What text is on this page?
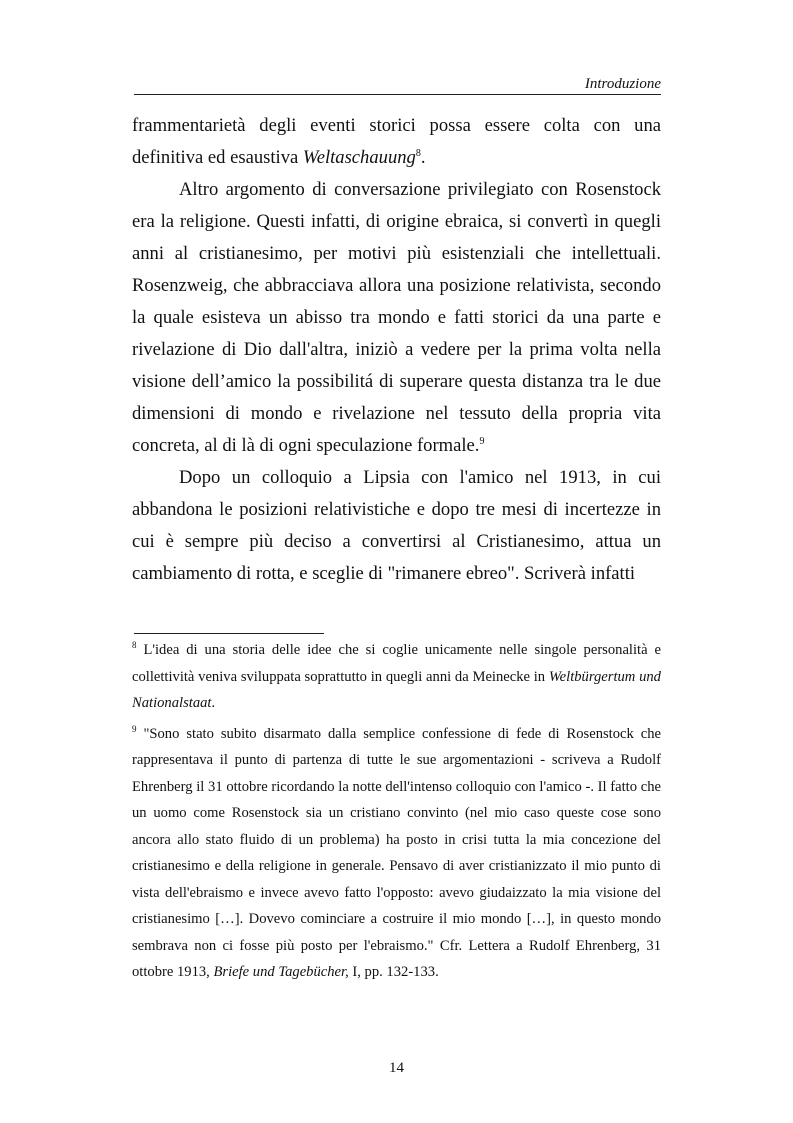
Introduzione

frammentarietà degli eventi storici possa essere colta con una definitiva ed esaustiva Weltaschauung$^8$.

Altro argomento di conversazione privilegiato con Rosenstock era la religione. Questi infatti, di origine ebraica, si convertì in quegli anni al cristianesimo, per motivi più esistenziali che intellettuali. Rosenzweig, che abbracciava allora una posizione relativista, secondo la quale esisteva un abisso tra mondo e fatti storici da una parte e rivelazione di Dio dall'altra, iniziò a vedere per la prima volta nella visione dell’amico la possibilitá di superare questa distanza tra le due dimensioni di mondo e rivelazione nel tessuto della propria vita concreta, al di là di ogni speculazione formale.$^9$

Dopo un colloquio a Lipsia con l'amico nel 1913, in cui abbandona le posizioni relativistiche e dopo tre mesi di incertezze in cui è sempre più deciso a convertirsi al Cristianesimo, attua un cambiamento di rotta, e sceglie di "rimanere ebreo". Scriverà infatti

$^8$ L'idea di una storia delle idee che si coglie unicamente nelle singole personalità e collettività veniva sviluppata soprattutto in quegli anni da Meinecke in Weltbürgertum und Nationalstaat.

$^9$ "Sono stato subito disarmato dalla semplice confessione di fede di Rosenstock che rappresentava il punto di partenza di tutte le sue argomentazioni - scriveva a Rudolf Ehrenberg il 31 ottobre ricordando la notte dell'intenso colloquio con l'amico -. Il fatto che un uomo come Rosenstock sia un cristiano convinto (nel mio caso queste cose sono ancora allo stato fluido di un problema) ha posto in crisi tutta la mia concezione del cristianesimo e della religione in generale. Pensavo di aver cristianizzato il mio punto di vista dell'ebraismo e invece avevo fatto l'opposto: avevo giudaizzato la mia visione del cristianesimo […]. Dovevo cominciare a costruire il mio mondo […], in questo mondo sembrava non ci fosse più posto per l'ebraismo." Cfr. Lettera a Rudolf Ehrenberg, 31 ottobre 1913, Briefe und Tagebücher, I, pp. 132-133.

14
